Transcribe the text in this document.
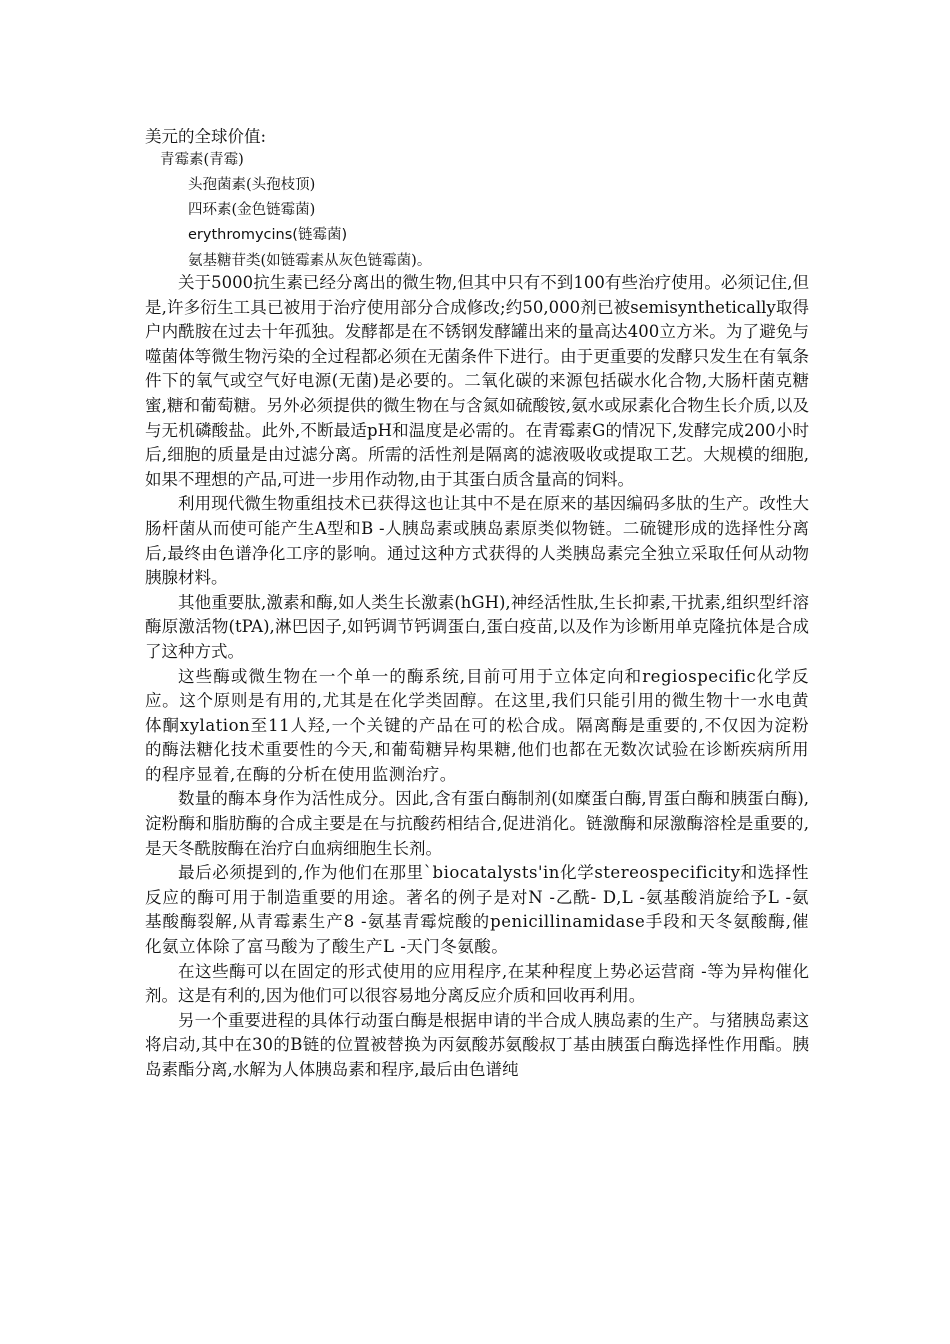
美元的全球价值:
青霉素(青霉)
头孢菌素(头孢枝顶)
四环素(金色链霉菌)
erythromycins(链霉菌)
氨基糖苷类(如链霉素从灰色链霉菌)。

关于5000抗生素已经分离出的微生物,但其中只有不到100有些治疗使用。必须记住,但是,许多衍生工具已被用于治疗使用部分合成修改;约50,000剂已被semisynthetically取得户内酰胺在过去十年孤独。发酵都是在不锈钢发酵罐出来的量高达400立方米。为了避免与噬菌体等微生物污染的全过程都必须在无菌条件下进行。由于更重要的发酵只发生在有氧条件下的氧气或空气好电源(无菌)是必要的。二氧化碳的来源包括碳水化合物,大肠杆菌克糖蜜,糖和葡萄糖。另外必须提供的微生物在与含氮如硫酸铵,氨水或尿素化合物生长介质,以及与无机磷酸盐。此外,不断最适pH和温度是必需的。在青霉素G的情况下,发酵完成200小时后,细胞的质量是由过滤分离。所需的活性剂是隔离的滤液吸收或提取工艺。大规模的细胞,如果不理想的产品,可进一步用作动物,由于其蛋白质含量高的饲料。

利用现代微生物重组技术已获得这也让其中不是在原来的基因编码多肽的生产。改性大肠杆菌从而使可能产生A型和B -人胰岛素或胰岛素原类似物链。二硫键形成的选择性分离后,最终由色谱净化工序的影响。通过这种方式获得的人类胰岛素完全独立采取任何从动物胰腺材料。

其他重要肽,激素和酶,如人类生长激素(hGH),神经活性肽,生长抑素,干扰素,组织型纤溶酶原激活物(tPA),淋巴因子,如钙调节钙调蛋白,蛋白疫苗,以及作为诊断用单克隆抗体是合成了这种方式。

这些酶或微生物在一个单一的酶系统,目前可用于立体定向和regiospecific化学反应。这个原则是有用的,尤其是在化学类固醇。在这里,我们只能引用的微生物十一水电黄体酮xylation至11人羟,一个关键的产品在可的松合成。隔离酶是重要的,不仅因为淀粉的酶法糖化技术重要性的今天,和葡萄糖异构果糖,他们也都在无数次试验在诊断疾病所用的程序显着,在酶的分析在使用监测治疗。

数量的酶本身作为活性成分。因此,含有蛋白酶制剂(如糜蛋白酶,胃蛋白酶和胰蛋白酶),淀粉酶和脂肪酶的合成主要是在与抗酸药相结合,促进消化。链激酶和尿激酶溶栓是重要的,是天冬酰胺酶在治疗白血病细胞生长剂。

最后必须提到的,作为他们在那里`biocatalysts'in化学stereospecificity和选择性反应的酶可用于制造重要的用途。著名的例子是对N -乙酰- D,L -氨基酸消旋给予L -氨基酸酶裂解,从青霉素生产8 -氨基青霉烷酸的penicillinamidase手段和天冬氨酸酶,催化氨立体除了富马酸为了酸生产L -天门冬氨酸。

在这些酶可以在固定的形式使用的应用程序,在某种程度上势必运营商 -等为异构催化剂。这是有利的,因为他们可以很容易地分离反应介质和回收再利用。

另一个重要进程的具体行动蛋白酶是根据申请的半合成人胰岛素的生产。与猪胰岛素这将启动,其中在30的B链的位置被替换为丙氨酸苏氨酸叔丁基由胰蛋白酶选择性作用酯。胰岛素酯分离,水解为人体胰岛素和程序,最后由色谱纯
